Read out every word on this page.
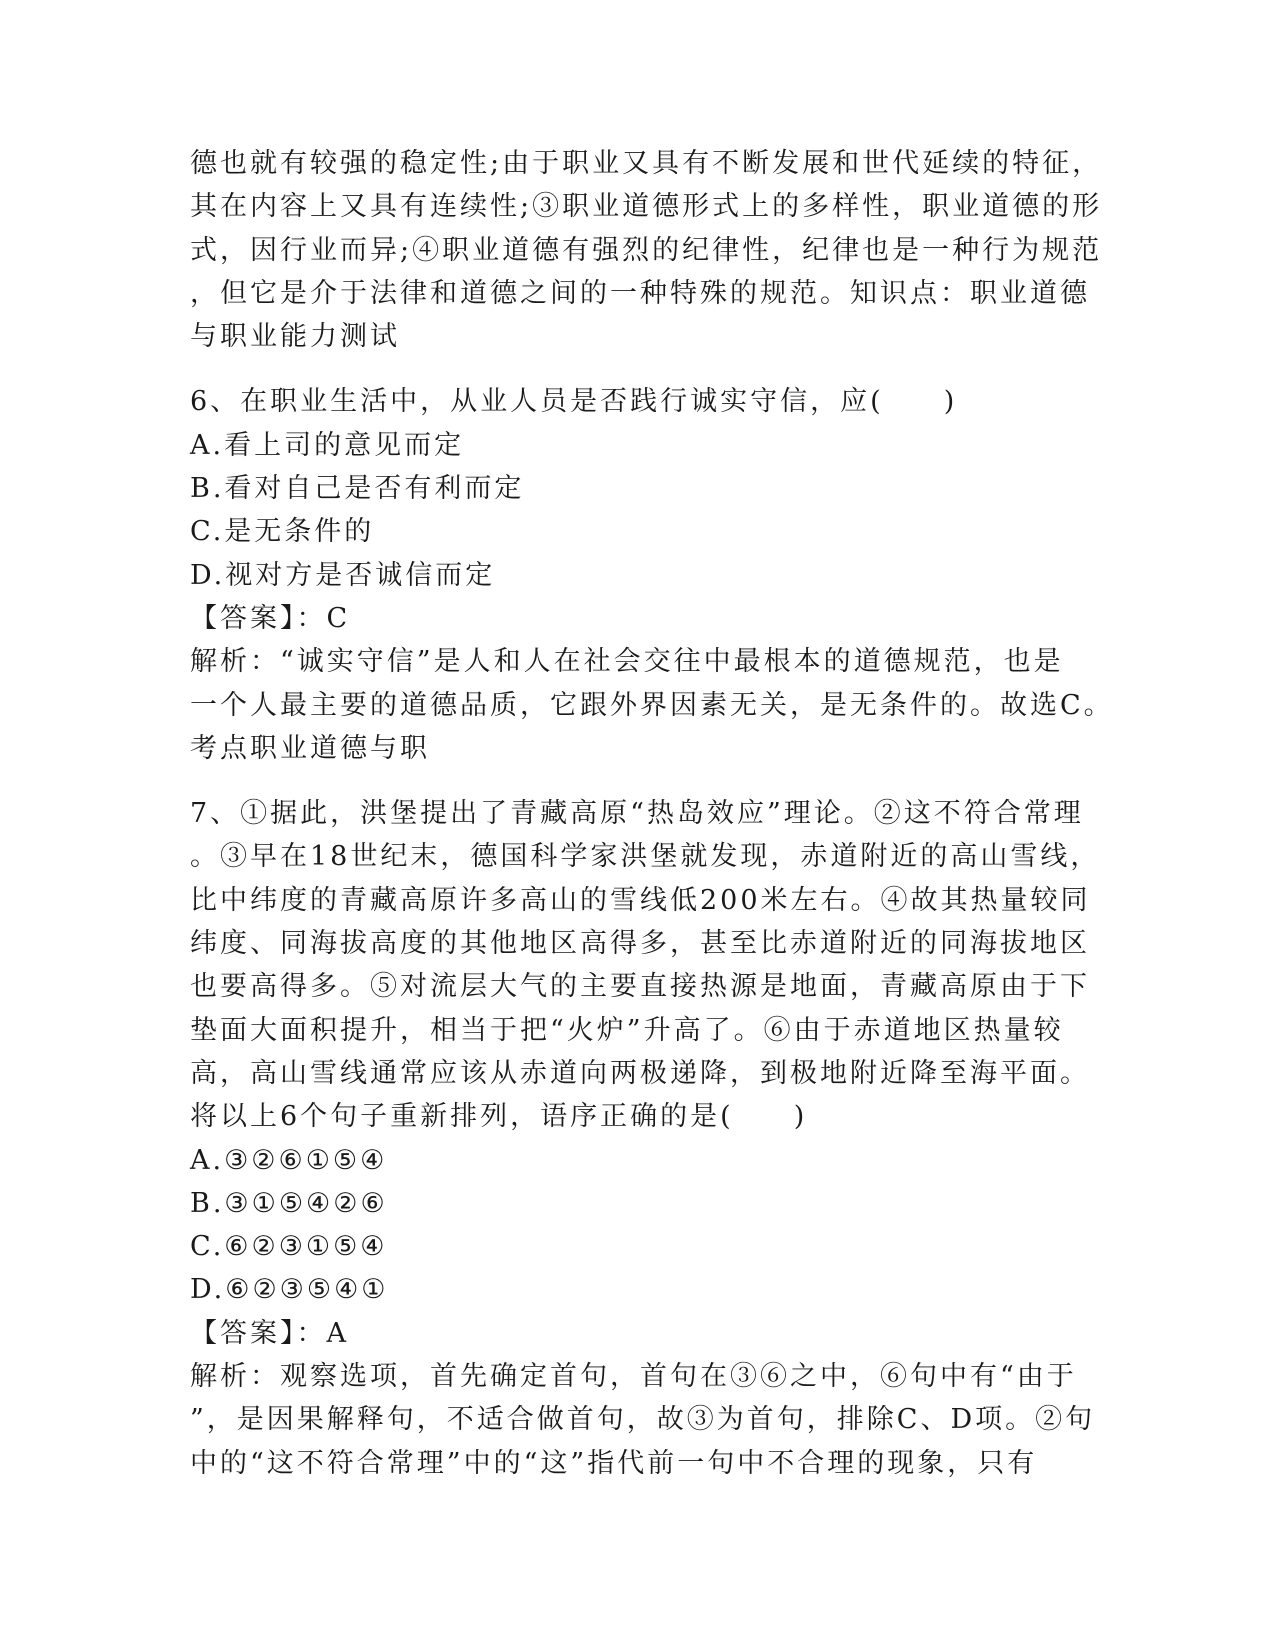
德也就有较强的稳定性;由于职业又具有不断发展和世代延续的特征，
其在内容上又具有连续性;③职业道德形式上的多样性，职业道德的形
式，因行业而异;④职业道德有强烈的纪律性，纪律也是一种行为规范
，但它是介于法律和道德之间的一种特殊的规范。知识点：职业道德
与职业能力测试
6、在职业生活中，从业人员是否践行诚实守信，应(　　)
A.看上司的意见而定
B.看对自己是否有利而定
C.是无条件的
D.视对方是否诚信而定
【答案】：C
解析：“诚实守信”是人和人在社会交往中最根本的道德规范，也是
一个人最主要的道德品质，它跟外界因素无关，是无条件的。故选C。
考点职业道德与职
7、①据此，洪堡提出了青藏高原“热岛效应”理论。②这不符合常理
。③早在18世纪末，德国科学家洪堡就发现，赤道附近的高山雪线，
比中纬度的青藏高原许多高山的雪线低200米左右。④故其热量较同
纬度、同海拔高度的其他地区高得多，甚至比赤道附近的同海拔地区
也要高得多。⑤对流层大气的主要直接热源是地面，青藏高原由于下
垫面大面积提升，相当于把“火炉”升高了。⑥由于赤道地区热量较
高，高山雪线通常应该从赤道向两极递降，到极地附近降至海平面。
将以上6个句子重新排列，语序正确的是(　　)
A.③②⑥①⑤④
B.③①⑤④②⑥
C.⑥②③①⑤④
D.⑥②③⑤④①
【答案】：A
解析：观察选项，首先确定首句，首句在③⑥之中，⑥句中有“由于
”，是因果解释句，不适合做首句，故③为首句，排除C、D项。②句
中的“这不符合常理”中的“这”指代前一句中不合理的现象，只有
